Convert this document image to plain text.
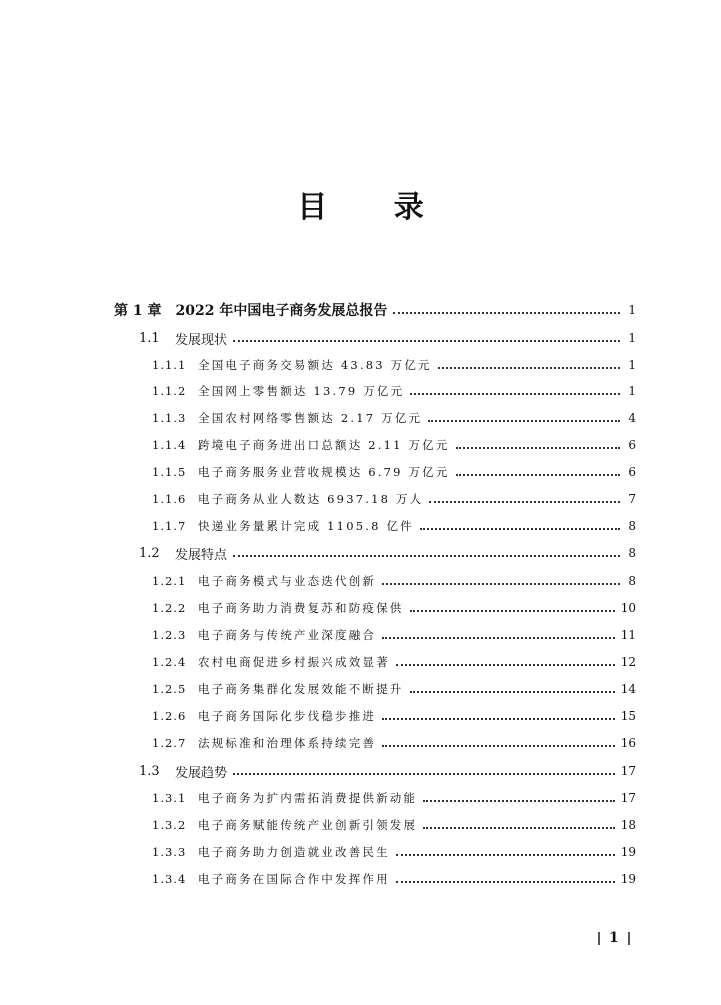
目 录
第 1 章 2022 年中国电子商务发展总报告	1
1.1	发展现状	1
1.1.1	全国电子商务交易额达 43.83 万亿元	1
1.1.2	全国网上零售额达 13.79 万亿元	1
1.1.3	全国农村网络零售额达 2.17 万亿元	4
1.1.4	跨境电子商务进出口总额达 2.11 万亿元	6
1.1.5	电子商务服务业营收规模达 6.79 万亿元	6
1.1.6	电子商务从业人数达 6937.18 万人	7
1.1.7	快递业务量累计完成 1105.8 亿件	8
1.2	发展特点	8
1.2.1	电子商务模式与业态迭代创新	8
1.2.2	电子商务助力消费复苏和防疫保供	10
1.2.3	电子商务与传统产业深度融合	11
1.2.4	农村电商促进乡村振兴成效显著	12
1.2.5	电子商务集群化发展效能不断提升	14
1.2.6	电子商务国际化步伐稳步推进	15
1.2.7	法规标准和治理体系持续完善	16
1.3	发展趋势	17
1.3.1	电子商务为扩内需拓消费提供新动能	17
1.3.2	电子商务赋能传统产业创新引领发展	18
1.3.3	电子商务助力创造就业改善民生	19
1.3.4	电子商务在国际合作中发挥作用	19
1
